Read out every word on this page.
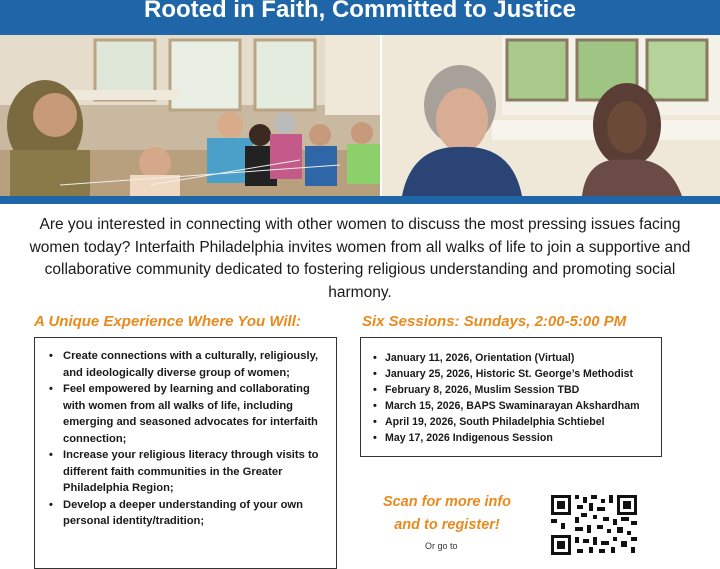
Rooted in Faith, Committed to Justice
Are you interested in connecting with other women to discuss the most pressing issues facing women today? Interfaith Philadelphia invites women from all walks of life to join a supportive and collaborative community dedicated to fostering religious understanding and promoting social harmony.
A Unique Experience Where You Will:	Six Sessions: Sundays, 2:00-5:00 PM
• Create connections with a culturally, religiously, and ideologically diverse group of women;
• Feel empowered by learning and collaborating with women from all walks of life, including emerging and seasoned advocates for interfaith connection;
• Increase your religious literacy through visits to different faith communities in the Greater Philadelphia Region;
• Develop a deeper understanding of your own personal identity/tradition;
• January 11, 2026, Orientation (Virtual)
• January 25, 2026, Historic St. George’s Methodist
• February 8, 2026, Muslim Session TBD
• March 15, 2026, BAPS Swaminarayan Akshardham
• April 19, 2026, South Philadelphia Schtiebel
• May 17, 2026 Indigenous Session
Scan for more info and to register!
Or go to
